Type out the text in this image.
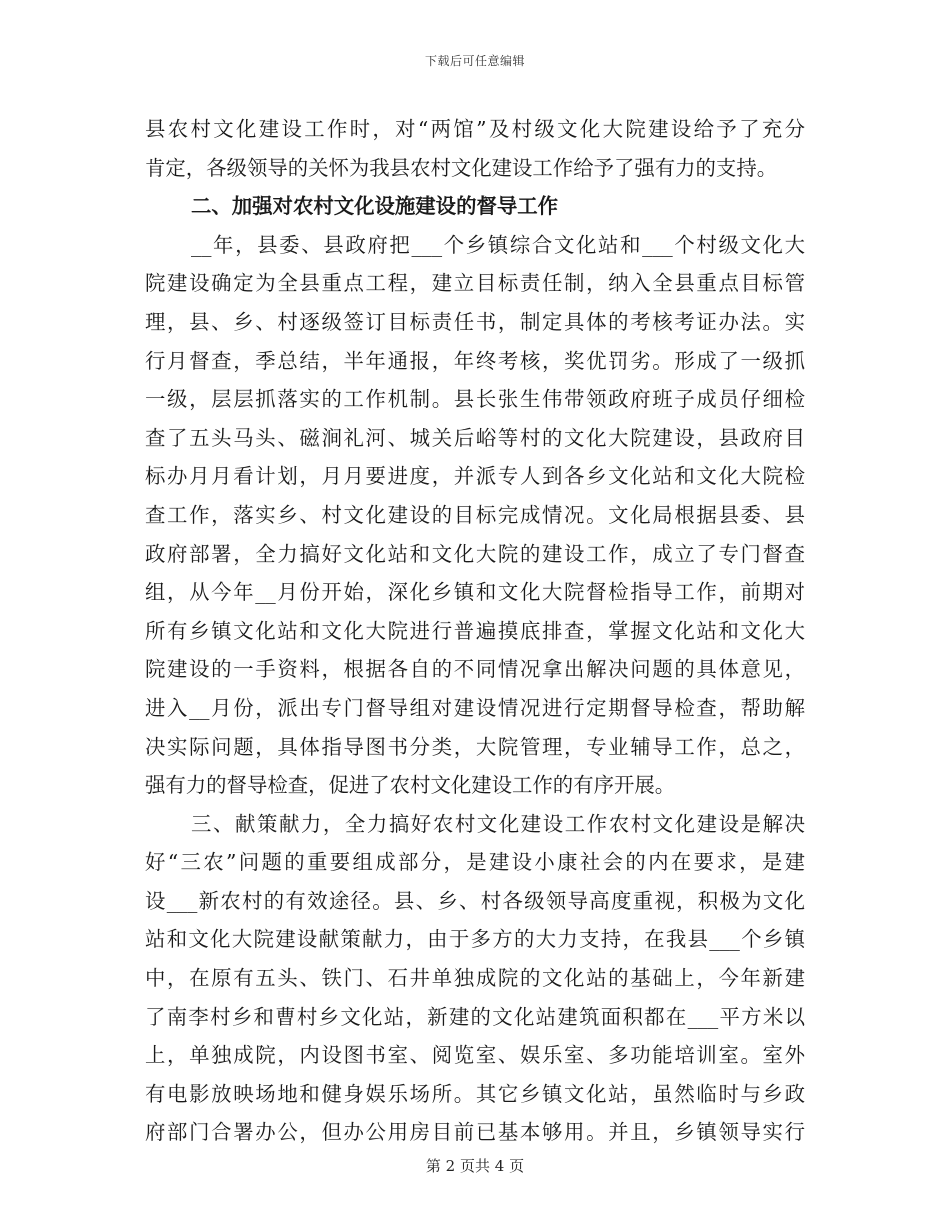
下载后可任意编辑
县农村文化建设工作时，对“两馆”及村级文化大院建设给予了充分
肯定，各级领导的关怀为我县农村文化建设工作给予了强有力的支持。
二、加强对农村文化设施建设的督导工作
__年，县委、县政府把___个乡镇综合文化站和___个村级文化大
院建设确定为全县重点工程，建立目标责任制，纳入全县重点目标管
理，县、乡、村逐级签订目标责任书，制定具体的考核考证办法。实
行月督查，季总结，半年通报，年终考核，奖优罚劣。形成了一级抓
一级，层层抓落实的工作机制。县长张生伟带领政府班子成员仔细检
查了五头马头、磁涧礼河、城关后峪等村的文化大院建设，县政府目
标办月月看计划，月月要进度，并派专人到各乡文化站和文化大院检
查工作，落实乡、村文化建设的目标完成情况。文化局根据县委、县
政府部署，全力搞好文化站和文化大院的建设工作，成立了专门督查
组，从今年__月份开始，深化乡镇和文化大院督检指导工作，前期对
所有乡镇文化站和文化大院进行普遍摸底排查，掌握文化站和文化大
院建设的一手资料，根据各自的不同情况拿出解决问题的具体意见，
进入__月份，派出专门督导组对建设情况进行定期督导检查，帮助解
决实际问题，具体指导图书分类，大院管理，专业辅导工作，总之，
强有力的督导检查，促进了农村文化建设工作的有序开展。
三、献策献力，全力搞好农村文化建设工作农村文化建设是解决
好“三农”问题的重要组成部分，是建设小康社会的内在要求，是建
设___新农村的有效途径。县、乡、村各级领导高度重视，积极为文化
站和文化大院建设献策献力，由于多方的大力支持，在我县___个乡镇
中，在原有五头、铁门、石井单独成院的文化站的基础上，今年新建
了南李村乡和曹村乡文化站，新建的文化站建筑面积都在___平方米以
上，单独成院，内设图书室、阅览室、娱乐室、多功能培训室。室外
有电影放映场地和健身娱乐场所。其它乡镇文化站，虽然临时与乡政
府部门合署办公，但办公用房目前已基本够用。并且，乡镇领导实行
第 2 页共 4 页
